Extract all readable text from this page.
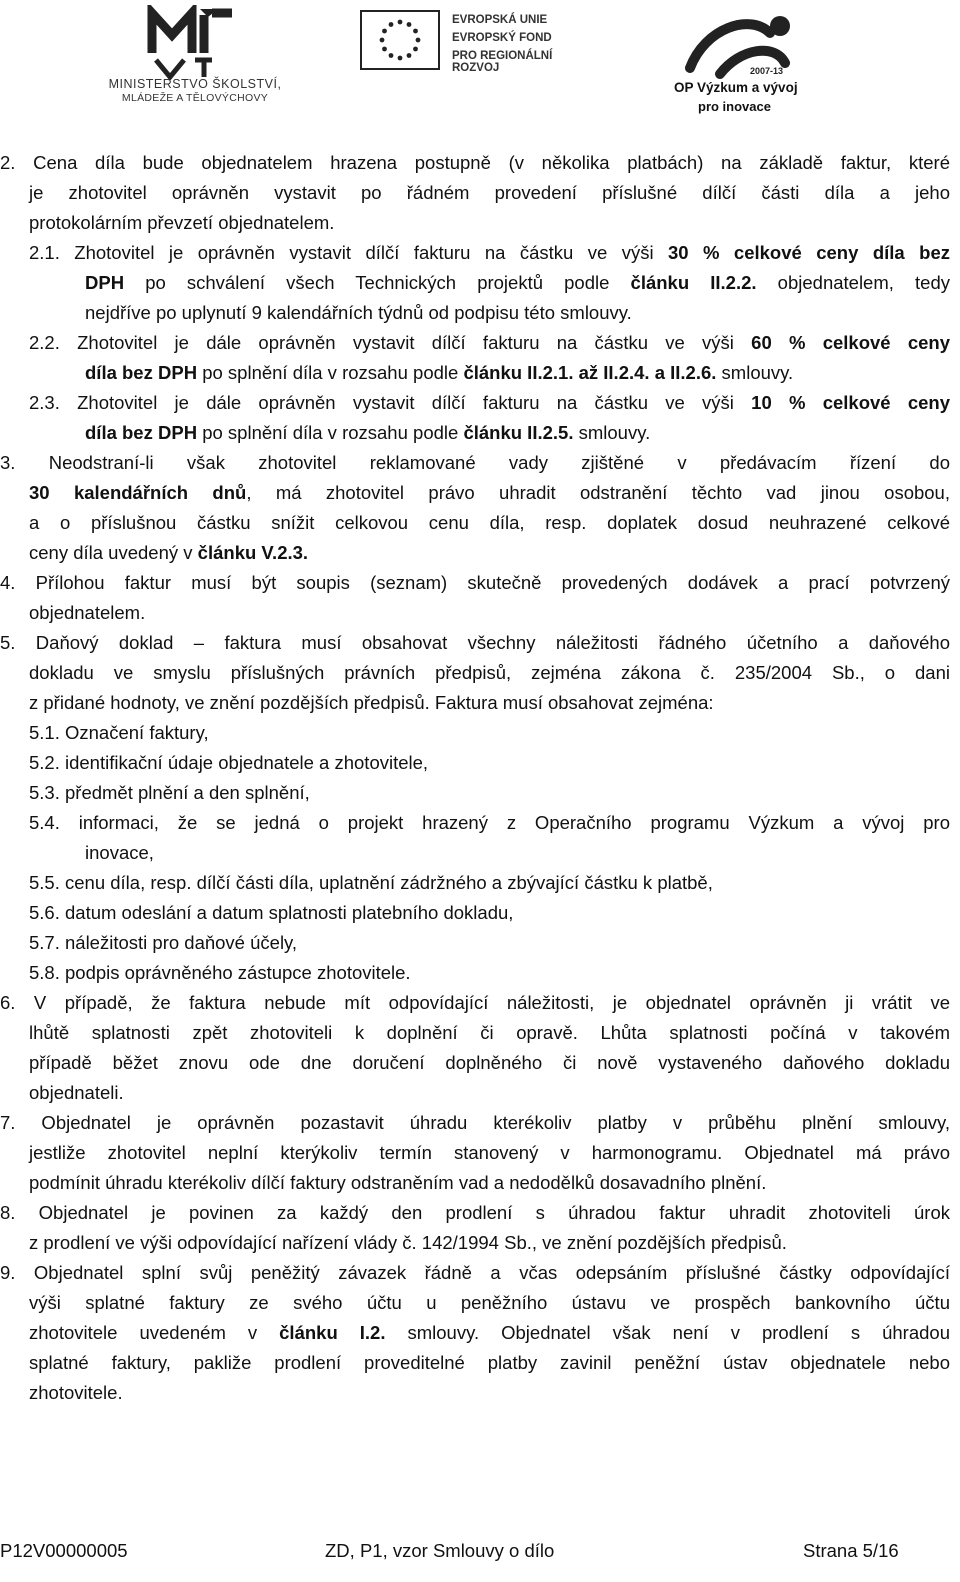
MINISTERSTVO ŠKOLSTVÍ,
MLÁDEŽE A TĚLOVÝCHOVY
EVROPSKÁ UNIE
EVROPSKÝ FOND
PRO REGIONÁLNÍ ROZVOJ	2007-13
OP Výzkum a vývoj
pro inovace
2. Cena díla bude objednatelem hrazena postupně (v několika platbách) na základě faktur, které
je zhotovitel oprávněn vystavit po řádném provedení příslušné dílčí části díla a jeho
protokolárním převzetí objednatelem.
2.1. Zhotovitel je oprávněn vystavit dílčí fakturu na částku ve výši 30 % celkové ceny díla bez
DPH po schválení všech Technických projektů podle článku II.2.2. objednatelem, tedy
nejdříve po uplynutí 9 kalendářních týdnů od podpisu této smlouvy.
2.2. Zhotovitel je dále oprávněn vystavit dílčí fakturu na částku ve výši 60 % celkové ceny
díla bez DPH po splnění díla v rozsahu podle článku II.2.1. až II.2.4. a II.2.6. smlouvy.
2.3. Zhotovitel je dále oprávněn vystavit dílčí fakturu na částku ve výši 10 % celkové ceny
díla bez DPH po splnění díla v rozsahu podle článku II.2.5. smlouvy.
3. Neodstraní-li však zhotovitel reklamované vady zjištěné v předávacím řízení do
30 kalendářních dnů, má zhotovitel právo uhradit odstranění těchto vad jinou osobou,
a o příslušnou částku snížit celkovou cenu díla, resp. doplatek dosud neuhrazené celkové
ceny díla uvedený v článku V.2.3.
4. Přílohou faktur musí být soupis (seznam) skutečně provedených dodávek a prací potvrzený
objednatelem.
5. Daňový doklad – faktura musí obsahovat všechny náležitosti řádného účetního a daňového
dokladu ve smyslu příslušných právních předpisů, zejména zákona č. 235/2004 Sb., o dani
z přidané hodnoty, ve znění pozdějších předpisů. Faktura musí obsahovat zejména:
5.1. Označení faktury,
5.2. identifikační údaje objednatele a zhotovitele,
5.3. předmět plnění a den splnění,
5.4. informaci, že se jedná o projekt hrazený z Operačního programu Výzkum a vývoj pro
inovace,
5.5. cenu díla, resp. dílčí části díla, uplatnění zádržného a zbývající částku k platbě,
5.6. datum odeslání a datum splatnosti platebního dokladu,
5.7. náležitosti pro daňové účely,
5.8. podpis oprávněného zástupce zhotovitele.
6. V případě, že faktura nebude mít odpovídající náležitosti, je objednatel oprávněn ji vrátit ve
lhůtě splatnosti zpět zhotoviteli k doplnění či opravě. Lhůta splatnosti počíná v takovém
případě běžet znovu ode dne doručení doplněného či nově vystaveného daňového dokladu
objednateli.
7. Objednatel je oprávněn pozastavit úhradu kterékoliv platby v průběhu plnění smlouvy,
jestliže zhotovitel neplní kterýkoliv termín stanovený v harmonogramu. Objednatel má právo
podmínit úhradu kterékoliv dílčí faktury odstraněním vad a nedodělků dosavadního plnění.
8. Objednatel je povinen za každý den prodlení s úhradou faktur uhradit zhotoviteli úrok
z prodlení ve výši odpovídající nařízení vlády č. 142/1994 Sb., ve znění pozdějších předpisů.
9. Objednatel splní svůj peněžitý závazek řádně a včas odepsáním příslušné částky odpovídající
výši splatné faktury ze svého účtu u peněžního ústavu ve prospěch bankovního účtu
zhotovitele uvedeném v článku I.2. smlouvy. Objednatel však není v prodlení s úhradou
splatné faktury, pakliže prodlení proveditelné platby zavinil peněžní ústav objednatele nebo
zhotovitele.
P12V00000005	ZD, P1, vzor Smlouvy o dílo	Strana 5/16
